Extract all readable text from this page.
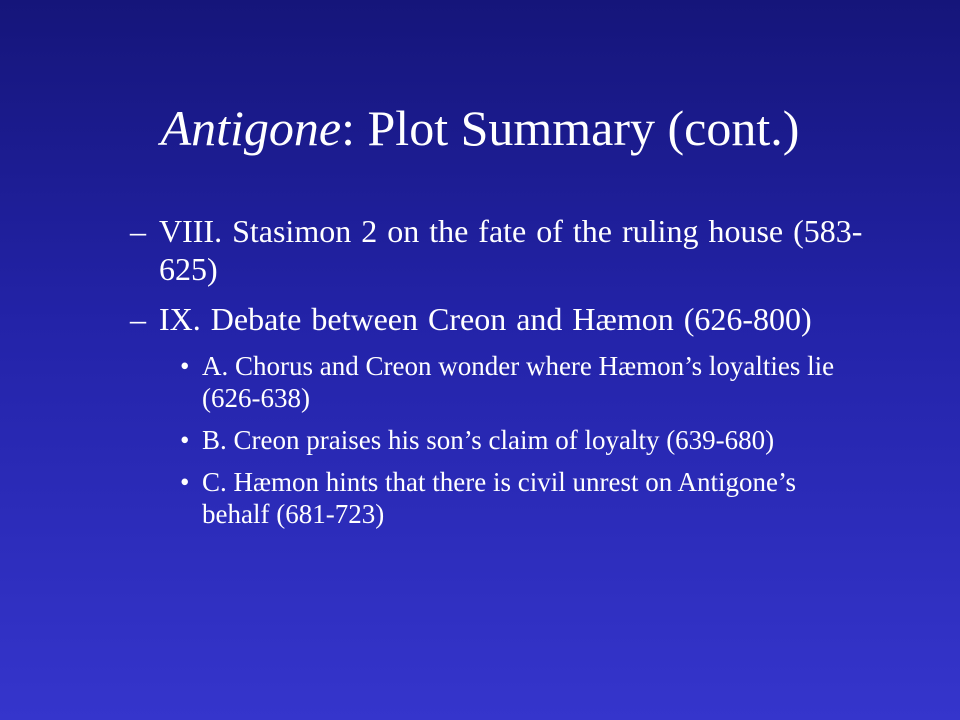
Antigone: Plot Summary (cont.)
– VIII. Stasimon 2 on the fate of the ruling house (583-625)
– IX. Debate between Creon and Hæmon (626-800)
• A. Chorus and Creon wonder where Hæmon’s loyalties lie (626-638)
• B. Creon praises his son’s claim of loyalty (639-680)
• C. Hæmon hints that there is civil unrest on Antigone’s behalf (681-723)
